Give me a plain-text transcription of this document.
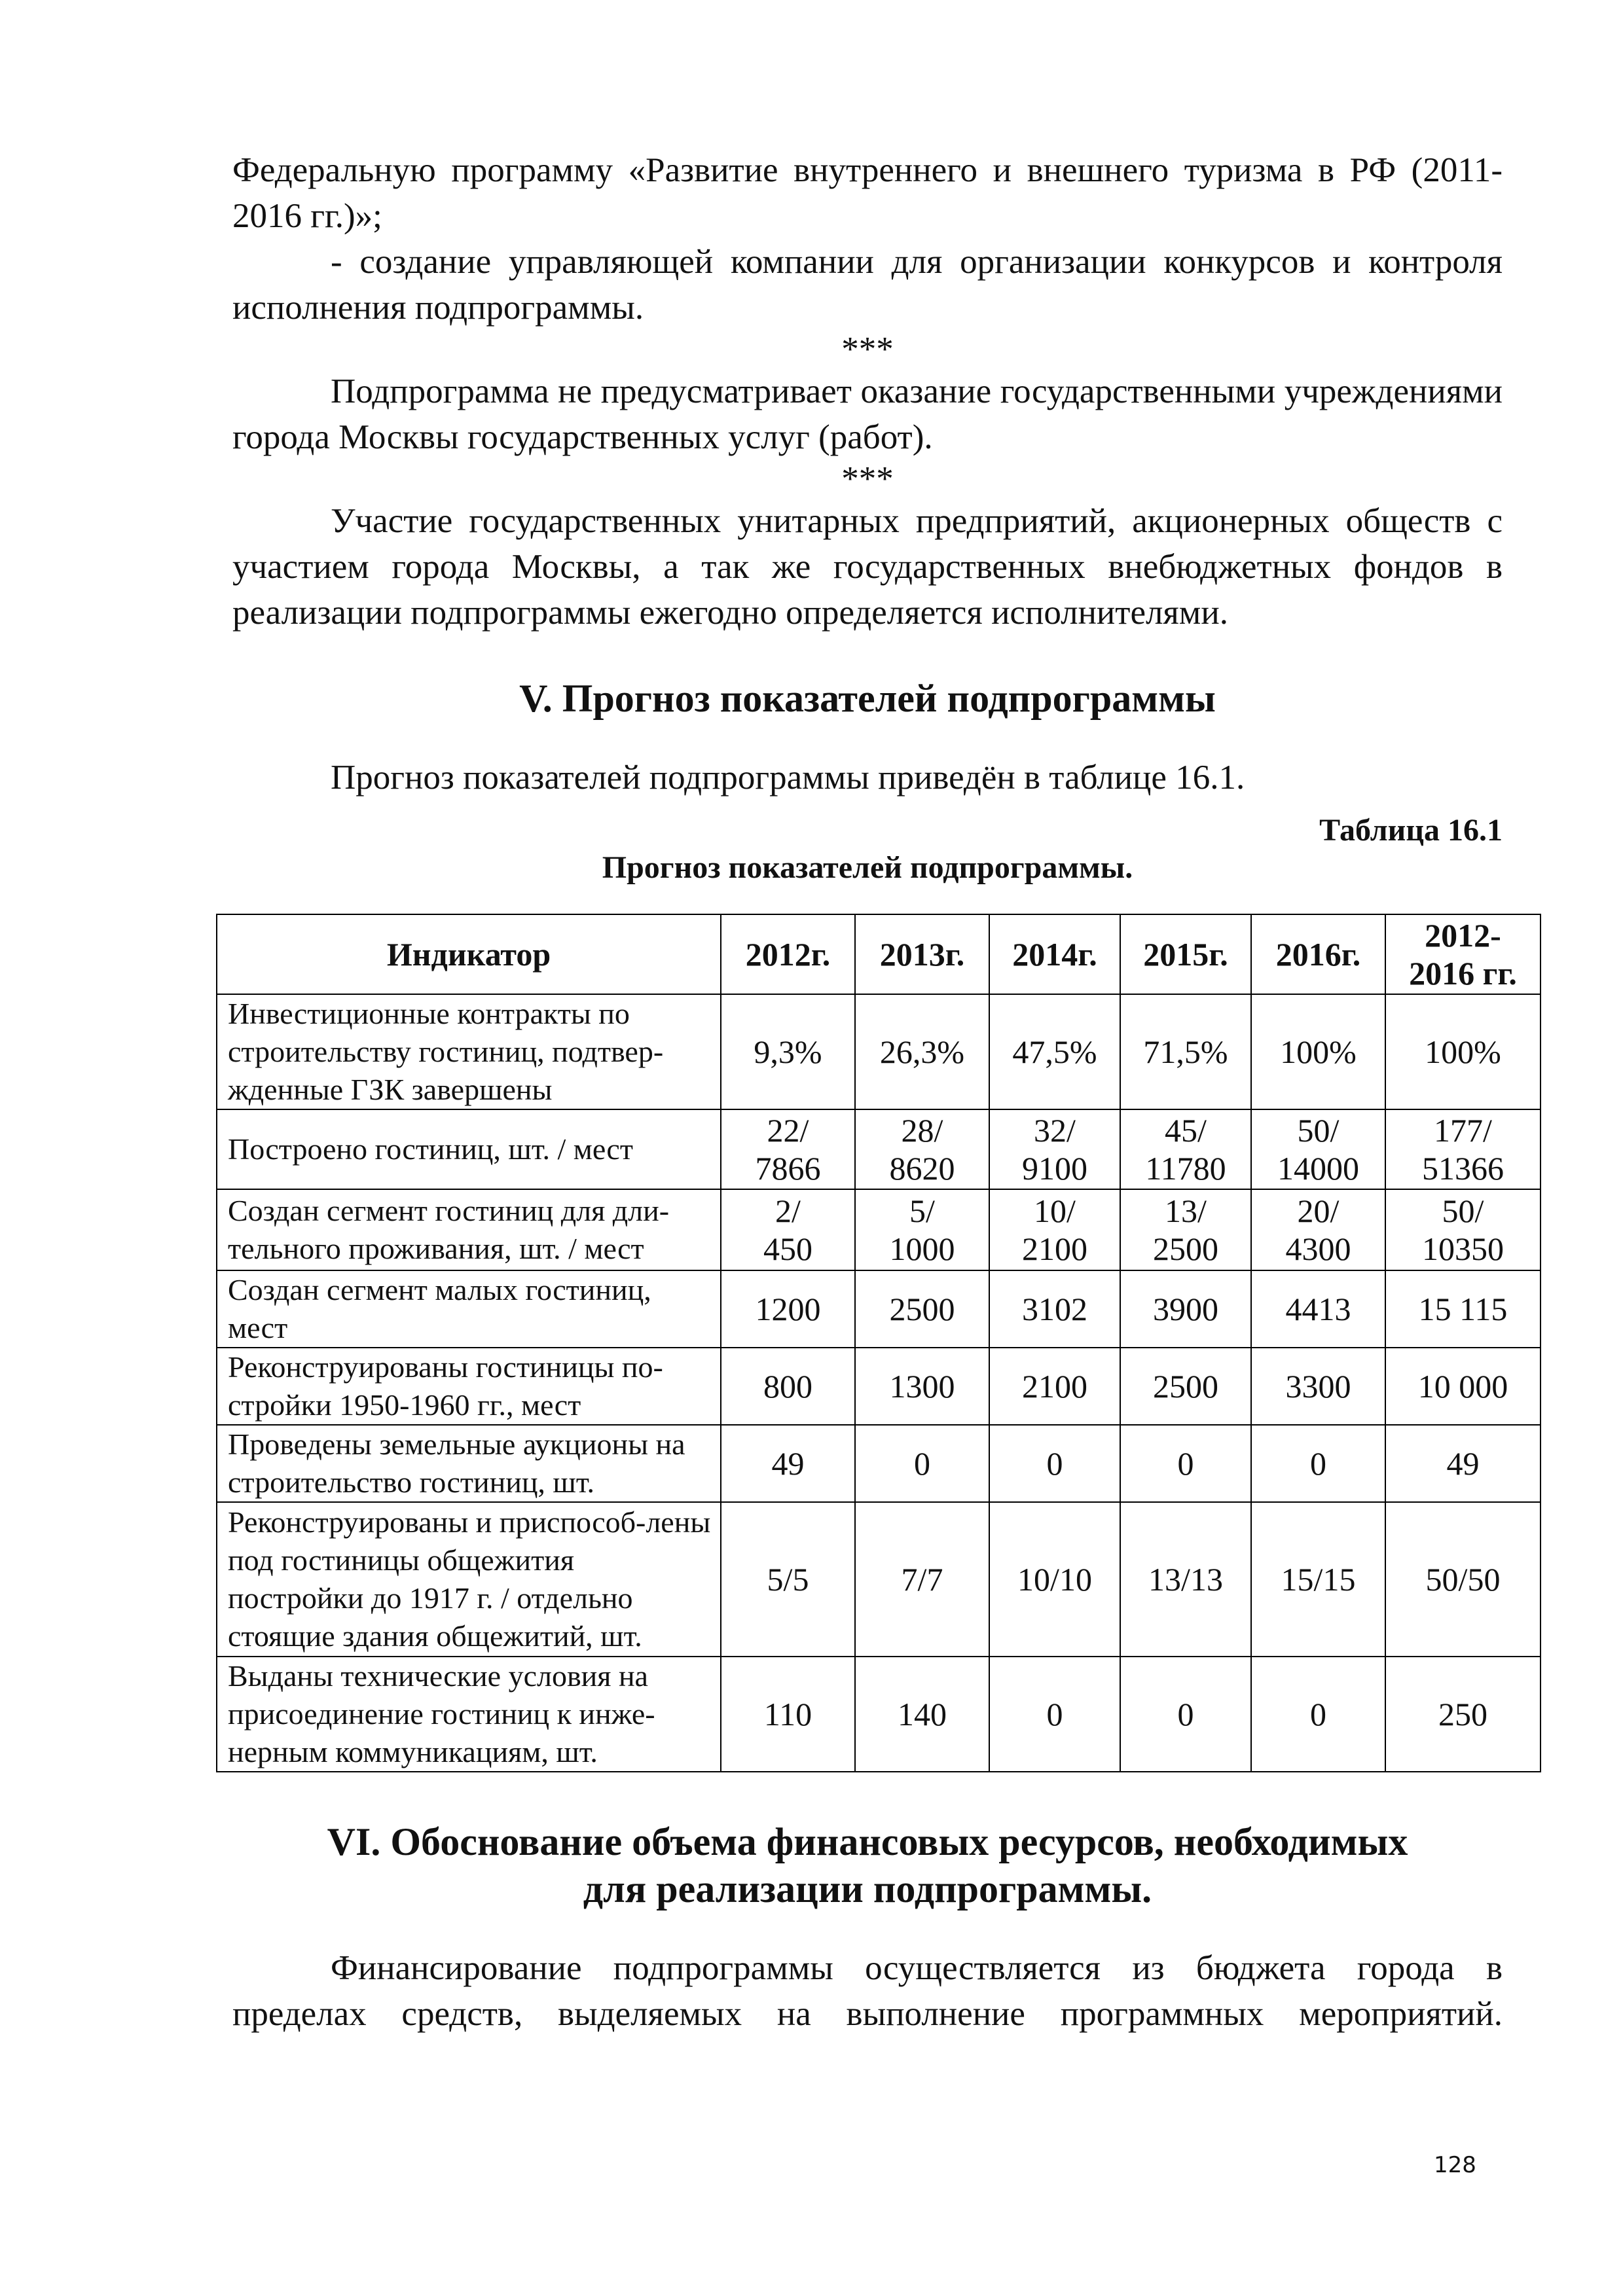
Федеральную программу «Развитие внутреннего и внешнего туризма в РФ (2011-2016 гг.)»;

- создание управляющей компании для организации конкурсов и контроля исполнения подпрограммы.

***

Подпрограмма не предусматривает оказание государственными учреждениями города Москвы государственных услуг (работ).

***

Участие государственных унитарных предприятий, акционерных обществ с участием города Москвы, а так же государственных внебюджетных фондов в реализации подпрограммы ежегодно определяется исполнителями.

V. Прогноз показателей подпрограммы

Прогноз показателей подпрограммы приведён в таблице 16.1.

Таблица 16.1
Прогноз показателей подпрограммы.
Индикатор	2012г.	2013г.	2014г.	2015г.	2016г.	2012-2016 гг.
Инвестиционные контракты по строительству гостиниц, подтвер-жденные ГЗК завершены	9,3%	26,3%	47,5%	71,5%	100%	100%
Построено гостиниц, шт. / мест	22/ 7866	28/ 8620	32/ 9100	45/ 11780	50/ 14000	177/ 51366
Создан сегмент гостиниц для дли-тельного проживания, шт. / мест	2/ 450	5/ 1000	10/ 2100	13/ 2500	20/ 4300	50/ 10350
Создан сегмент малых гостиниц, мест	1200	2500	3102	3900	4413	15 115
Реконструированы гостиницы по-стройки 1950-1960 гг., мест	800	1300	2100	2500	3300	10 000
Проведены земельные аукционы на строительство гостиниц, шт.	49	0	0	0	0	49
Реконструированы и приспособ-лены под гостиницы общежития постройки до 1917 г. / отдельно стоящие здания общежитий, шт.	5/5	7/7	10/10	13/13	15/15	50/50
Выданы технические условия на присоединение гостиниц к инже-нерным коммуникациям, шт.	110	140	0	0	0	250
VI. Обоснование объема финансовых ресурсов, необходимых
для реализации подпрограммы.

Финансирование подпрограммы осуществляется из бюджета города в пределах средств, выделяемых на выполнение программных мероприятий.

128
